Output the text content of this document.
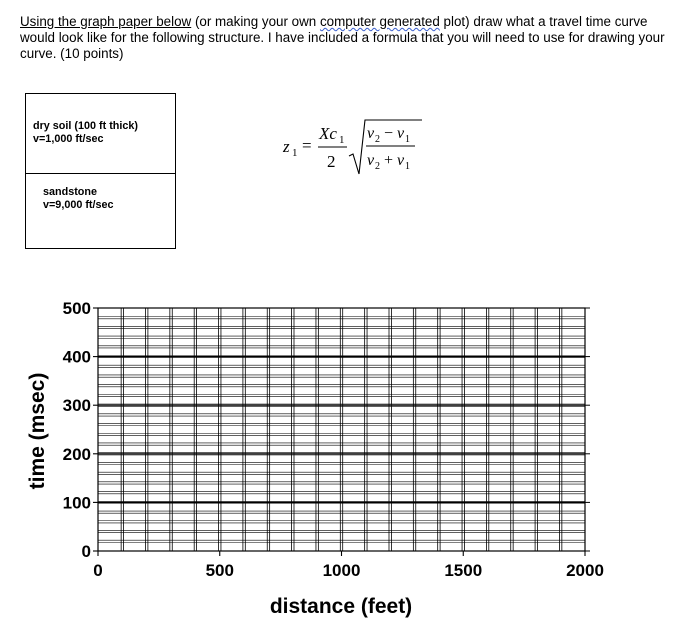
Using the graph paper below (or making your own computer generated plot) draw what a travel time curve
would look like for the following structure. I have included a formula that you will need to use for drawing your
curve. (10 points)
dry soil (100 ft thick)
v=1,000 ft/sec
sandstone
v=9,000 ft/sec
z 1 =
Xc 1
2
v 2 − v 1
v 2 + v 1
0
100
200
300
400
500
0	500	1000	1500	2000
time (msec)
distance (feet)
